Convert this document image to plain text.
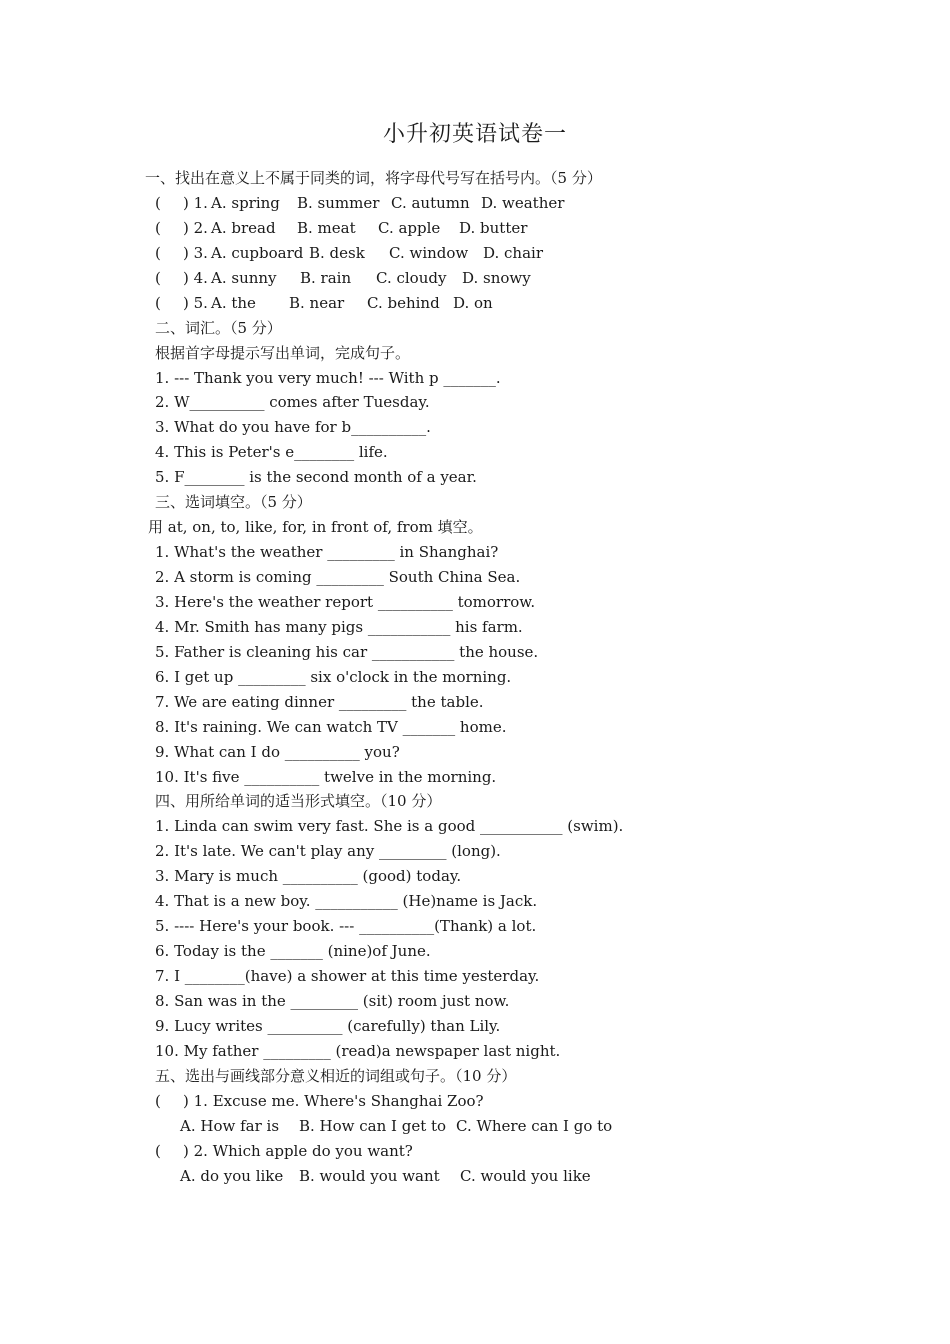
小升初英语试卷一
一、找出在意义上不属于同类的词，将字母代号写在括号内。（5 分）
( ) 1. A. spring B. summer C. autumn D. weather
( ) 2. A. bread B. meat C. apple D. butter
( ) 3. A. cupboard B. desk C. window D. chair
( ) 4. A. sunny B. rain C. cloudy D. snowy
( ) 5. A. the B. near C. behind D. on
二、词汇。（5 分）
根据首字母提示写出单词，完成句子。
1. --- Thank you very much! --- With p _______.
2. W__________ comes after Tuesday.
3. What do you have for b__________.
4. This is Peter's e________ life.
5. F________ is the second month of a year.
三、选词填空。（5 分）
用 at, on, to, like, for, in front of, from 填空。
1. What's the weather _________ in Shanghai?
2. A storm is coming _________ South China Sea.
3. Here's the weather report __________ tomorrow.
4. Mr. Smith has many pigs ___________ his farm.
5. Father is cleaning his car ___________ the house.
6. I get up _________ six o'clock in the morning.
7. We are eating dinner _________ the table.
8. It's raining. We can watch TV _______ home.
9. What can I do __________ you?
10. It's five __________ twelve in the morning.
四、用所给单词的适当形式填空。（10 分）
1. Linda can swim very fast. She is a good ___________ (swim).
2. It's late. We can't play any _________ (long).
3. Mary is much __________ (good) today.
4. That is a new boy. ___________ (He)name is Jack.
5. ---- Here's your book. --- __________(Thank) a lot.
6. Today is the _______ (nine)of June.
7. I ________(have) a shower at this time yesterday.
8. San was in the _________ (sit) room just now.
9. Lucy writes __________ (carefully) than Lily.
10. My father _________ (read)a newspaper last night.
五、选出与画线部分意义相近的词组或句子。（10 分）
( ) 1. Excuse me. Where's Shanghai Zoo?
A. How far is B. How can I get to C. Where can I go to
( ) 2. Which apple do you want?
A. do you like B. would you want C. would you like
